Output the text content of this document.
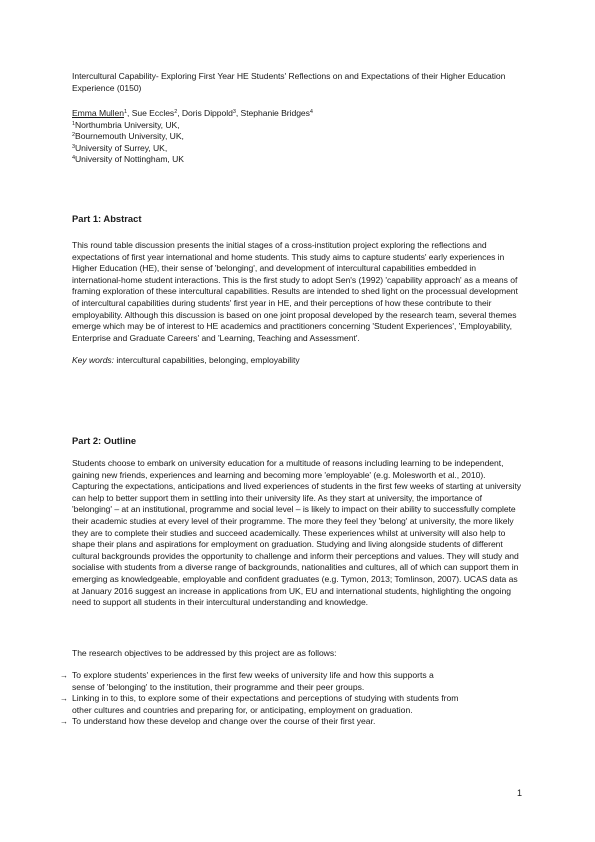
Intercultural Capability- Exploring First Year HE Students' Reflections on and Expectations of their Higher Education Experience (0150)
Emma Mullen$^1$, Sue Eccles$^2$, Doris Dippold$^3$, Stephanie Bridges$^4$
$^1$Northumbria University, UK,
$^2$Bournemouth University, UK,
$^3$University of Surrey, UK,
$^4$University of Nottingham, UK
Part 1: Abstract
This round table discussion presents the initial stages of a cross-institution project exploring the reflections and expectations of first year international and home students. This study aims to capture students' early experiences in Higher Education (HE), their sense of 'belonging', and development of intercultural capabilities embedded in international-home student interactions. This is the first study to adopt Sen's (1992) 'capability approach' as a means of framing exploration of these intercultural capabilities. Results are intended to shed light on the processual development of intercultural capabilities during students' first year in HE, and their perceptions of how these contribute to their employability. Although this discussion is based on one joint proposal developed by the research team, several themes emerge which may be of interest to HE academics and practitioners concerning 'Student Experiences', 'Employability, Enterprise and Graduate Careers' and 'Learning, Teaching and Assessment'.
Key words: intercultural capabilities, belonging, employability
Part 2: Outline
Students choose to embark on university education for a multitude of reasons including learning to be independent, gaining new friends, experiences and learning and becoming more 'employable' (e.g. Molesworth et al., 2010). Capturing the expectations, anticipations and lived experiences of students in the first few weeks of starting at university can help to better support them in settling into their university life. As they start at university, the importance of 'belonging' – at an institutional, programme and social level – is likely to impact on their ability to successfully complete their academic studies at every level of their programme. The more they feel they 'belong' at university, the more likely they are to complete their studies and succeed academically. These experiences whilst at university will also help to shape their plans and aspirations for employment on graduation. Studying and living alongside students of different cultural backgrounds provides the opportunity to challenge and inform their perceptions and values. They will study and socialise with students from a diverse range of backgrounds, nationalities and cultures, all of which can support them in emerging as knowledgeable, employable and confident graduates (e.g. Tymon, 2013; Tomlinson, 2007). UCAS data as at January 2016 suggest an increase in applications from UK, EU and international students, highlighting the ongoing need to support all students in their intercultural understanding and knowledge.
The research objectives to be addressed by this project are as follows:
→ To explore students' experiences in the first few weeks of university life and how this supports a
sense of 'belonging' to the institution, their programme and their peer groups.
→ Linking in to this, to explore some of their expectations and perceptions of studying with students from
other cultures and countries and preparing for, or anticipating, employment on graduation.
→ To understand how these develop and change over the course of their first year.
1
